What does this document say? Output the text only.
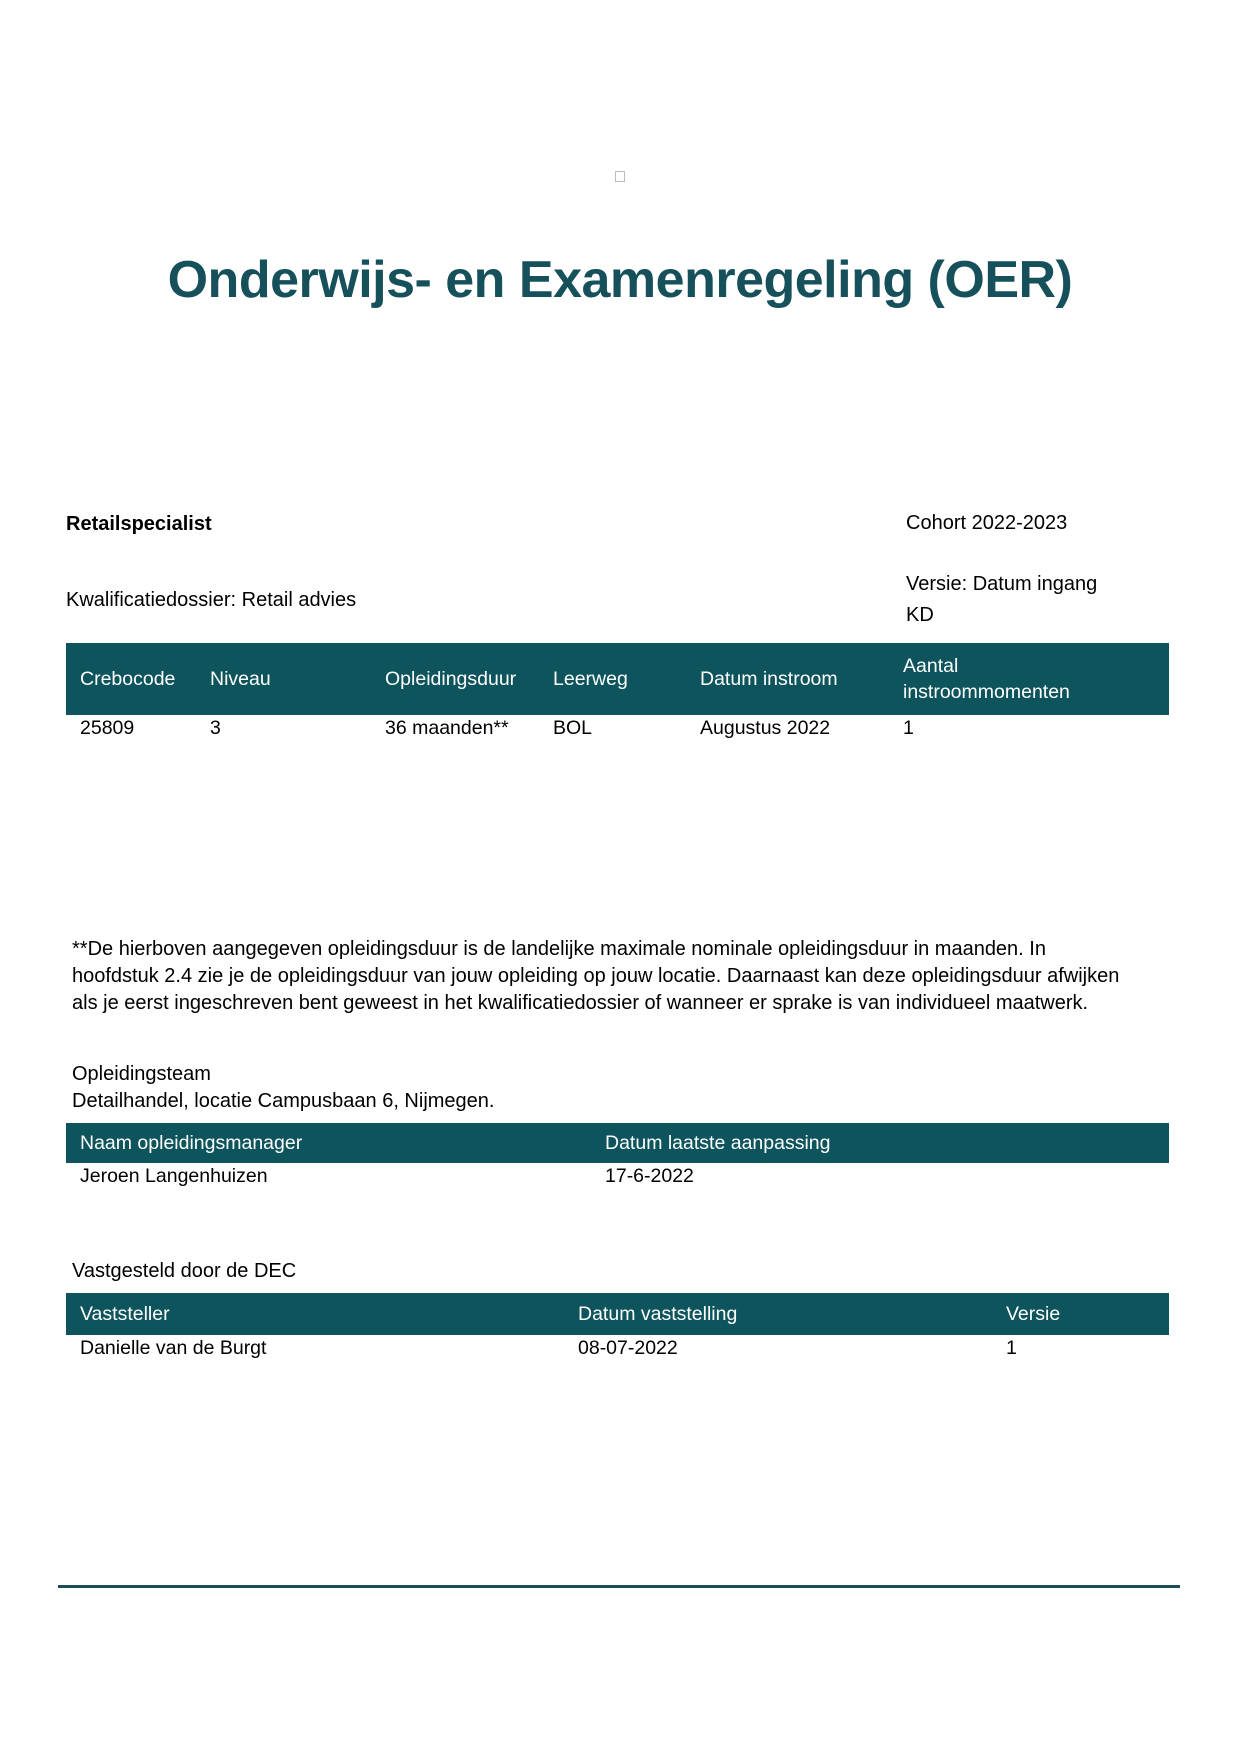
Onderwijs- en Examenregeling (OER)
Retailspecialist	Cohort 2022-2023
Kwalificatiedossier: Retail advies
Versie: Datum ingang KD
Crebocode	Niveau	Opleidingsduur	Leerweg	Datum instroom	Aantal instroommomenten
25809	3	36 maanden**	BOL	Augustus 2022	1

**De hierboven aangegeven opleidingsduur is de landelijke maximale nominale opleidingsduur in maanden. In hoofdstuk 2.4 zie je de opleidingsduur van jouw opleiding op jouw locatie. Daarnaast kan deze opleidingsduur afwijken als je eerst ingeschreven bent geweest in het kwalificatiedossier of wanneer er sprake is van individueel maatwerk.

Opleidingsteam
Detailhandel, locatie Campusbaan 6, Nijmegen.
Naam opleidingsmanager	Datum laatste aanpassing
Jeroen Langenhuizen	17-6-2022
Vastgesteld door de DEC
Vaststeller	Datum vaststelling	Versie
Danielle van de Burgt	08-07-2022	1
